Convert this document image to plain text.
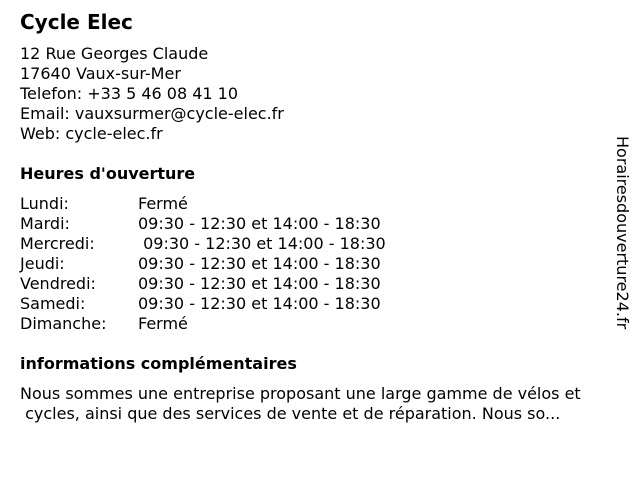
Cycle Elec
12 Rue Georges Claude
17640 Vaux-sur-Mer
Telefon: +33 5 46 08 41 10
Email: vauxsurmer@cycle-elec.fr
Web: cycle-elec.fr
Heures d'ouverture
Lundi:	Fermé
Mardi:	09:30 - 12:30 et 14:00 - 18:30
Mercredi:	09:30 - 12:30 et 14:00 - 18:30
Jeudi:	09:30 - 12:30 et 14:00 - 18:30
Vendredi:	09:30 - 12:30 et 14:00 - 18:30
Samedi:	09:30 - 12:30 et 14:00 - 18:30
Dimanche: Fermé
informations complémentaires
Nous sommes une entreprise proposant une large gamme de vélos et
cycles, ainsi que des services de vente et de réparation. Nous so...
Horairesdouverture24.fr
